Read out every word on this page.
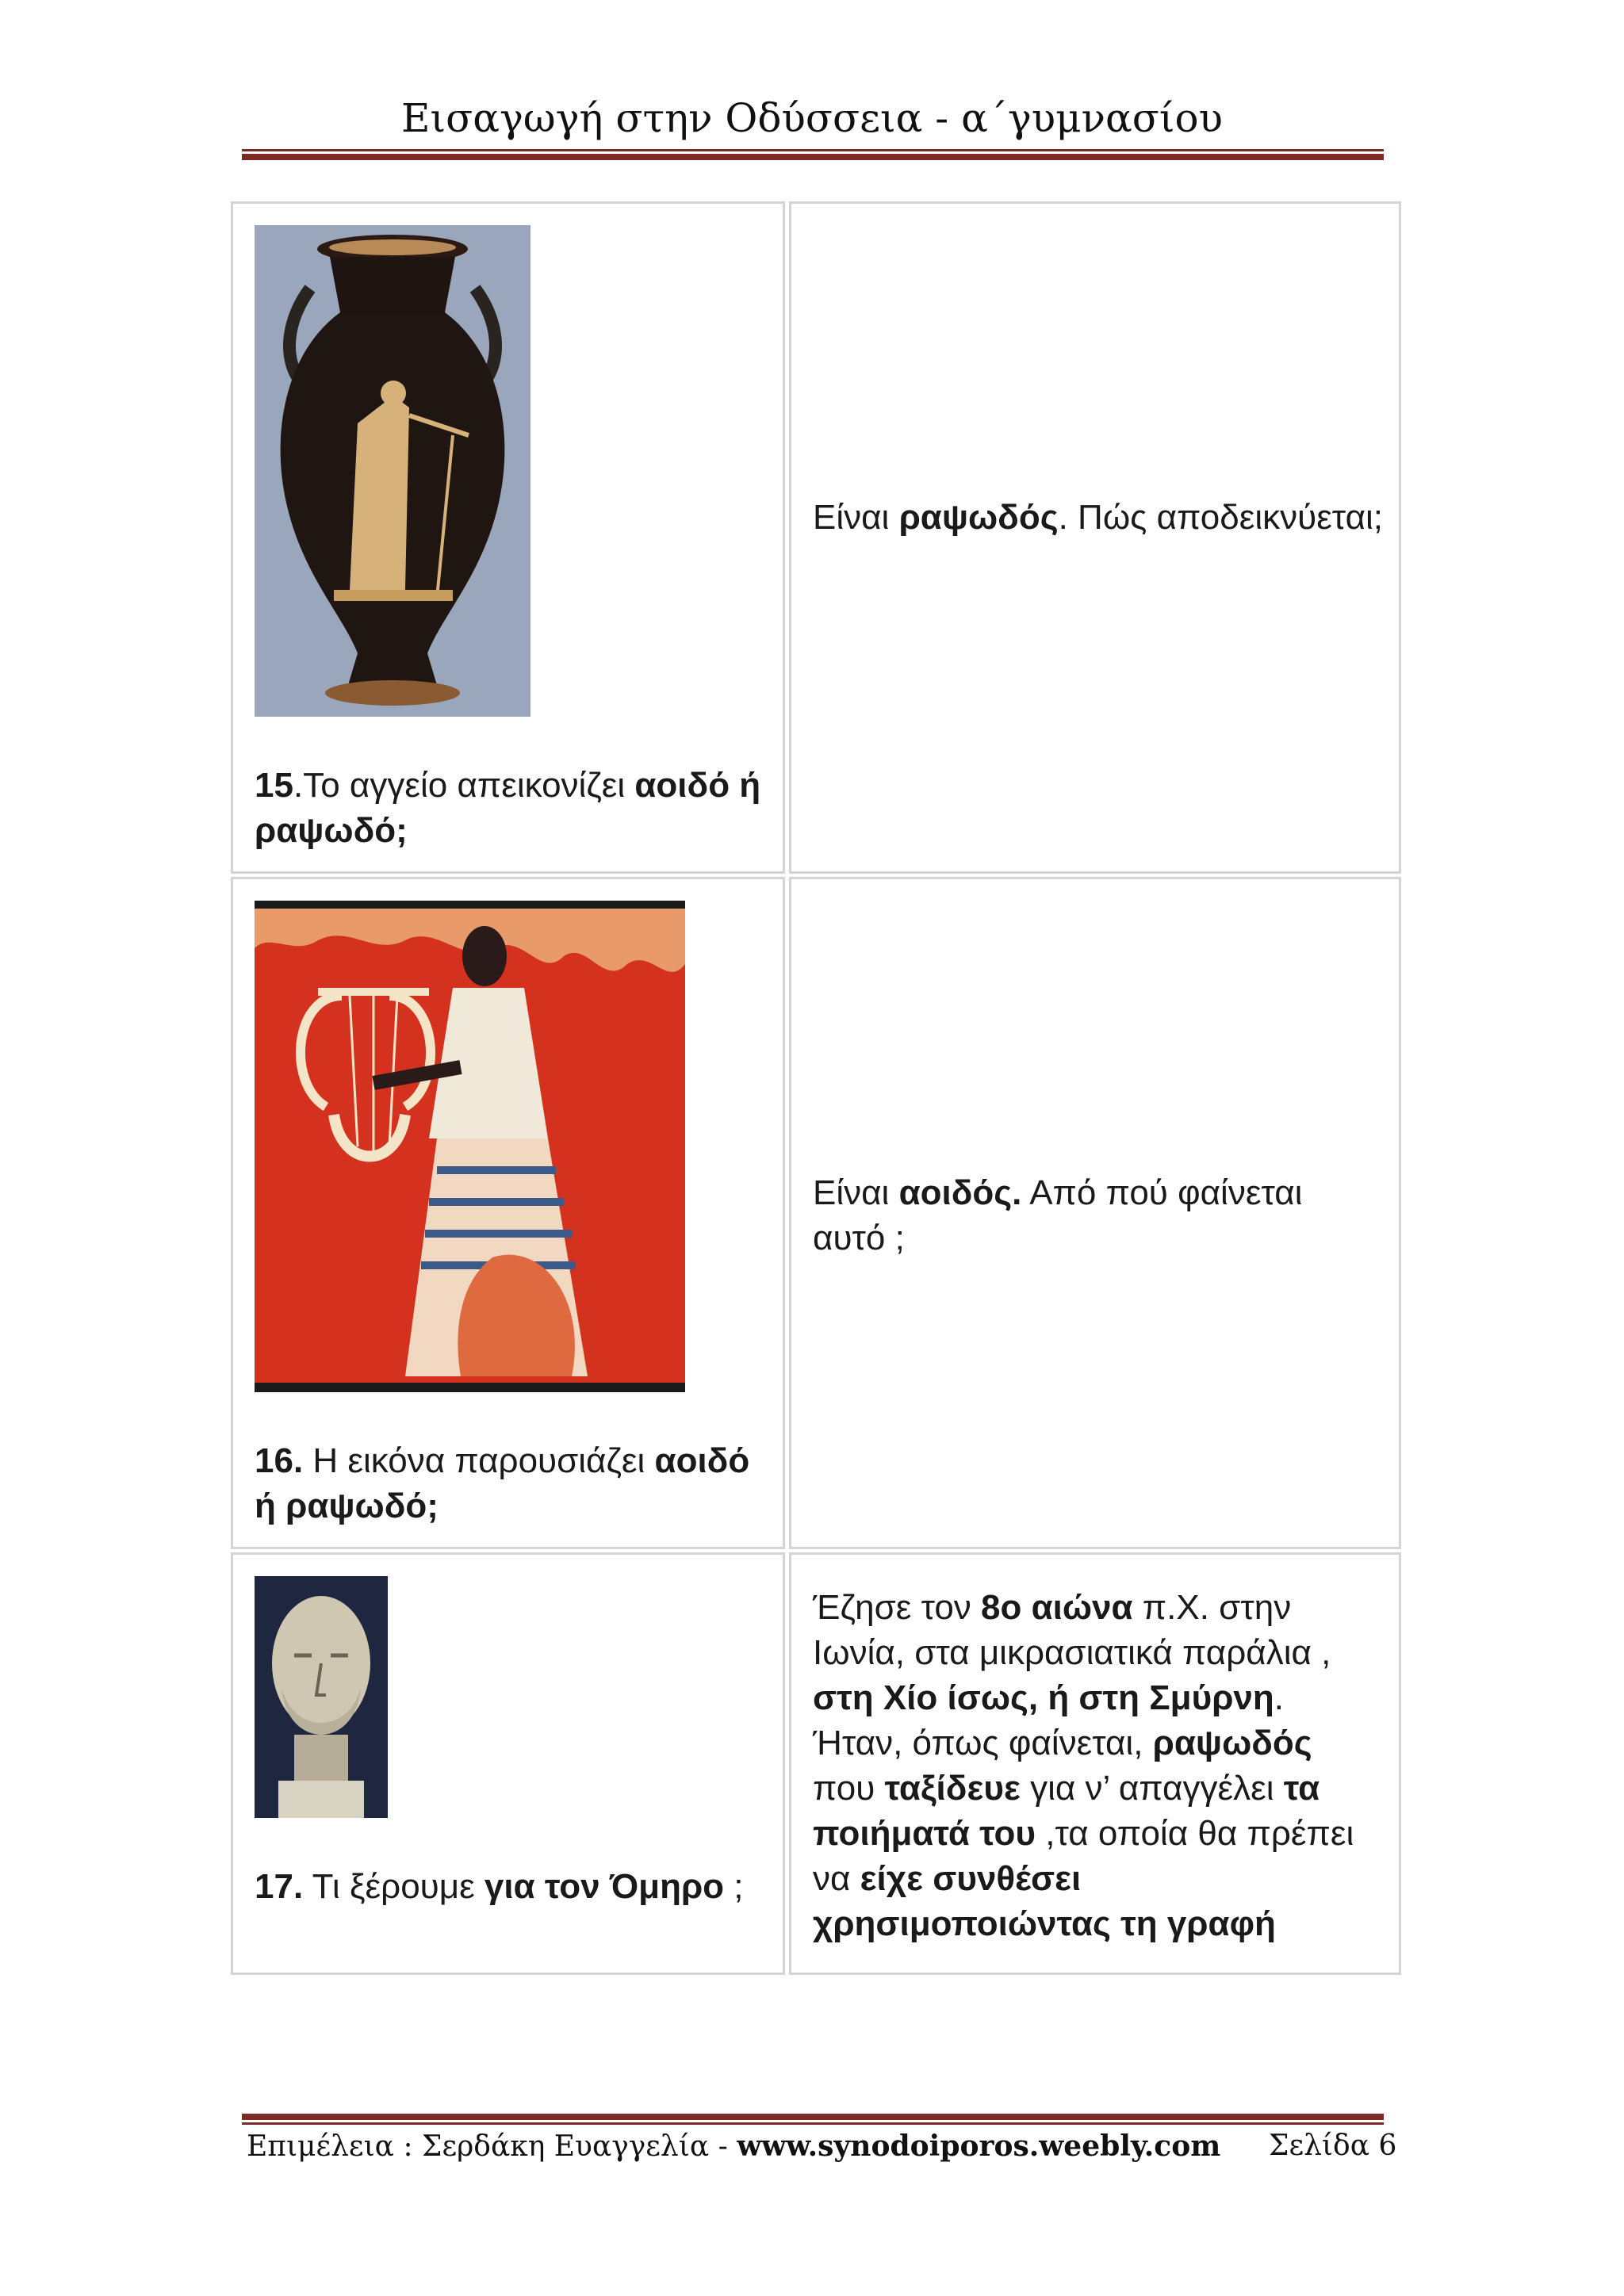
Εισαγωγή στην Οδύσσεια - α΄γυμνασίου
15.Το αγγείο απεικονίζει αοιδό ή ραψωδό;
Είναι ραψωδός. Πώς αποδεικνύεται;
16. Η εικόνα παρουσιάζει αοιδό ή ραψωδό;
Είναι αοιδός. Από πού φαίνεται αυτό ;
17. Τι ξέρουμε για τον Όμηρο ;
Έζησε τον 8ο αιώνα π.Χ. στην Ιωνία, στα μικρασιατικά παράλια , στη Χίο ίσως, ή στη Σμύρνη. Ήταν, όπως φαίνεται, ραψωδός που ταξίδευε για ν’ απαγγέλει τα ποιήματά του ,τα οποία θα πρέπει να είχε συνθέσει χρησιμοποιώντας τη γραφή
Επιμέλεια : Σερδάκη Ευαγγελία - www.synodoiporos.weebly.com Σελίδα 6
